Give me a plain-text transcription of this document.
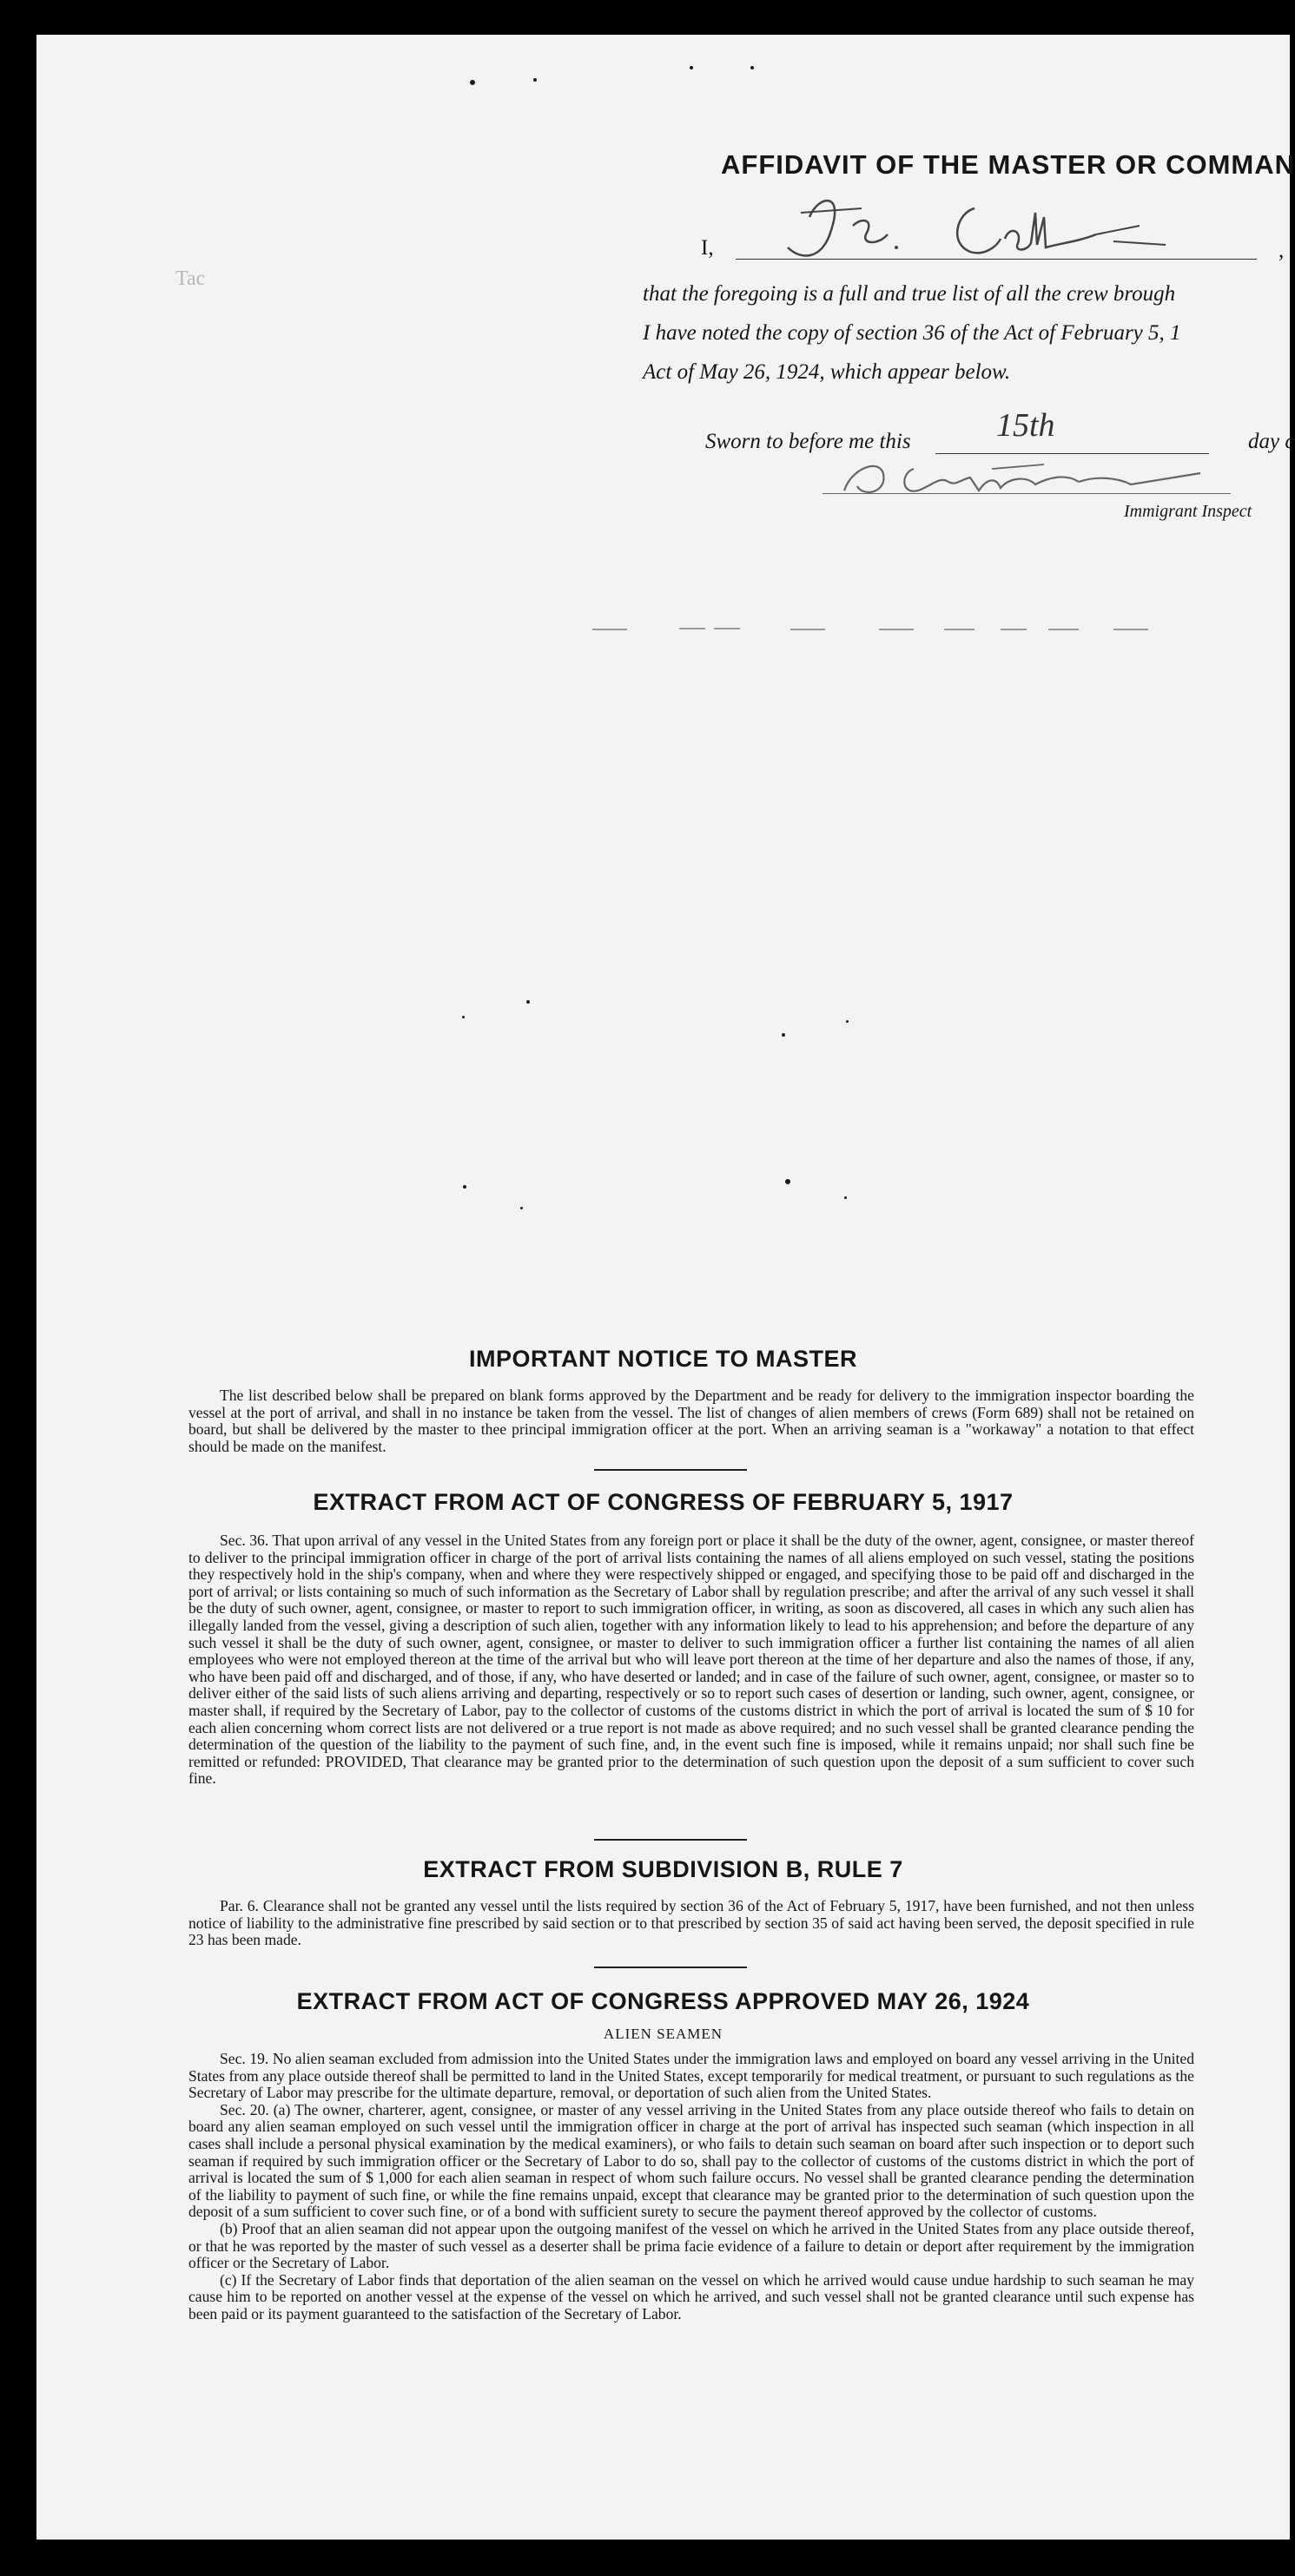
Tac
AFFIDAVIT OF THE MASTER OR COMMAN
I,	,
that the foregoing is a full and true list of all the crew brough
I have noted the copy of section 36 of the Act of February 5, 1
Act of May 26, 1924, which appear below.
Sworn to before me this	15th	day c
Immigrant Inspect
IMPORTANT NOTICE TO MASTER

The list described below shall be prepared on blank forms approved by the Department and be ready for delivery to the immigration inspector boarding the vessel at the port of arrival, and shall in no instance be taken from the vessel. The list of changes of alien members of crews (Form 689) shall not be retained on board, but shall be delivered by the master to thee principal immigration officer at the port. When an arriving seaman is a "workaway" a notation to that effect should be made on the manifest.

EXTRACT FROM ACT OF CONGRESS OF FEBRUARY 5, 1917

Sec. 36. That upon arrival of any vessel in the United States from any foreign port or place it shall be the duty of the owner, agent, consignee, or master thereof to deliver to the principal immigration officer in charge of the port of arrival lists containing the names of all aliens employed on such vessel, stating the positions they respectively hold in the ship's company, when and where they were respectively shipped or engaged, and specifying those to be paid off and discharged in the port of arrival; or lists containing so much of such information as the Secretary of Labor shall by regulation prescribe; and after the arrival of any such vessel it shall be the duty of such owner, agent, consignee, or master to report to such immigration officer, in writing, as soon as discovered, all cases in which any such alien has illegally landed from the vessel, giving a description of such alien, together with any information likely to lead to his apprehension; and before the departure of any such vessel it shall be the duty of such owner, agent, consignee, or master to deliver to such immigration officer a further list containing the names of all alien employees who were not employed thereon at the time of the arrival but who will leave port thereon at the time of her departure and also the names of those, if any, who have been paid off and discharged, and of those, if any, who have deserted or landed; and in case of the failure of such owner, agent, consignee, or master so to deliver either of the said lists of such aliens arriving and departing, respectively or so to report such cases of desertion or landing, such owner, agent, consignee, or master shall, if required by the Secretary of Labor, pay to the collector of customs of the customs district in which the port of arrival is located the sum of $ 10 for each alien concerning whom correct lists are not delivered or a true report is not made as above required; and no such vessel shall be granted clearance pending the determination of the question of the liability to the payment of such fine, and, in the event such fine is imposed, while it remains unpaid; nor shall such fine be remitted or refunded: PROVIDED, That clearance may be granted prior to the determination of such question upon the deposit of a sum sufficient to cover such fine.

EXTRACT FROM SUBDIVISION B, RULE 7

Par. 6. Clearance shall not be granted any vessel until the lists required by section 36 of the Act of February 5, 1917, have been furnished, and not then unless notice of liability to the administrative fine prescribed by said section or to that prescribed by section 35 of said act having been served, the deposit specified in rule 23 has been made.

EXTRACT FROM ACT OF CONGRESS APPROVED MAY 26, 1924
ALIEN SEAMEN

Sec. 19. No alien seaman excluded from admission into the United States under the immigration laws and employed on board any vessel arriving in the United States from any place outside thereof shall be permitted to land in the United States, except temporarily for medical treatment, or pursuant to such regulations as the Secretary of Labor may prescribe for the ultimate departure, removal, or deportation of such alien from the United States.

Sec. 20. (a) The owner, charterer, agent, consignee, or master of any vessel arriving in the United States from any place outside thereof who fails to detain on board any alien seaman employed on such vessel until the immigration officer in charge at the port of arrival has inspected such seaman (which inspection in all cases shall include a personal physical examination by the medical examiners), or who fails to detain such seaman on board after such inspection or to deport such seaman if required by such immigration officer or the Secretary of Labor to do so, shall pay to the collector of customs of the customs district in which the port of arrival is located the sum of $ 1,000 for each alien seaman in respect of whom such failure occurs. No vessel shall be granted clearance pending the determination of the liability to payment of such fine, or while the fine remains unpaid, except that clearance may be granted prior to the determination of such question upon the deposit of a sum sufficient to cover such fine, or of a bond with sufficient surety to secure the payment thereof approved by the collector of customs.

(b) Proof that an alien seaman did not appear upon the outgoing manifest of the vessel on which he arrived in the United States from any place outside thereof, or that he was reported by the master of such vessel as a deserter shall be prima facie evidence of a failure to detain or deport after requirement by the immigration officer or the Secretary of Labor.

(c) If the Secretary of Labor finds that deportation of the alien seaman on the vessel on which he arrived would cause undue hardship to such seaman he may cause him to be reported on another vessel at the expense of the vessel on which he arrived, and such vessel shall not be granted clearance until such expense has been paid or its payment guaranteed to the satisfaction of the Secretary of Labor.
